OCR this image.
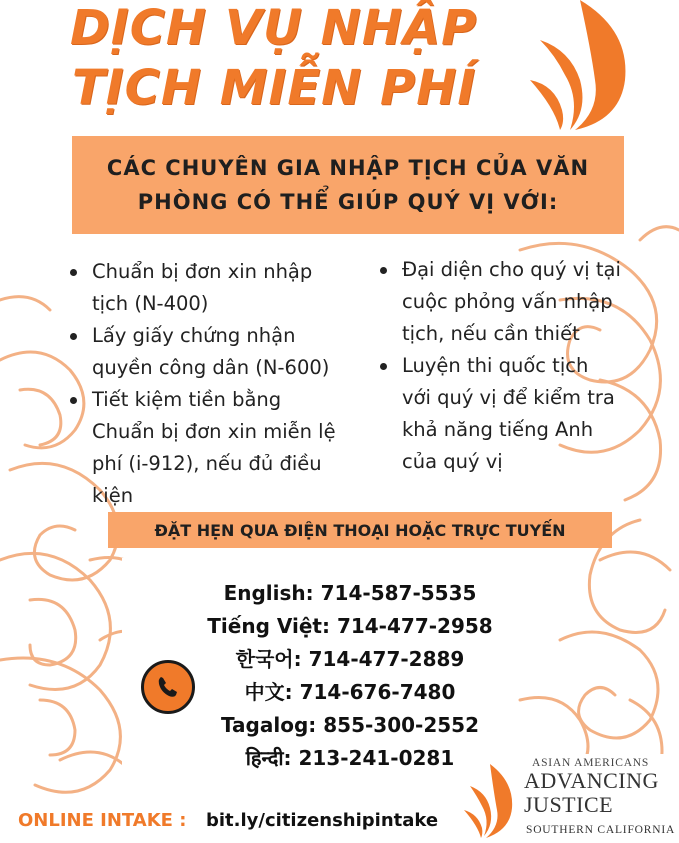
DỊCH VỤ NHẬP
TỊCH MIỄN PHÍ
CÁC CHUYÊN GIA NHẬP TỊCH CỦA VĂN
PHÒNG CÓ THỂ GIÚP QUÝ VỊ VỚI:
Chuẩn bị đơn xin nhập
tịch (N-400)
Lấy giấy chứng nhận
quyền công dân (N-600)
Tiết kiệm tiền bằng
Chuẩn bị đơn xin miễn lệ
phí (i-912), nếu đủ điều
kiện
Đại diện cho quý vị tại
cuộc phỏng vấn nhập
tịch, nếu cần thiết
Luyện thi quốc tịch
với quý vị để kiểm tra
khả năng tiếng Anh
của quý vị
ĐẶT HẸN QUA ĐIỆN THOẠI HOẶC TRỰC TUYẾN
English: 714-587-5535
Tiếng Việt: 714-477-2958
한국어: 714-477-2889
中文: 714-676-7480
Tagalog: 855-300-2552
हिन्दी: 213-241-0281
ONLINE INTAKE : bit.ly/citizenshipintake
ASIAN AMERICANS
ADVANCING
JUSTICE
SOUTHERN CALIFORNIA
